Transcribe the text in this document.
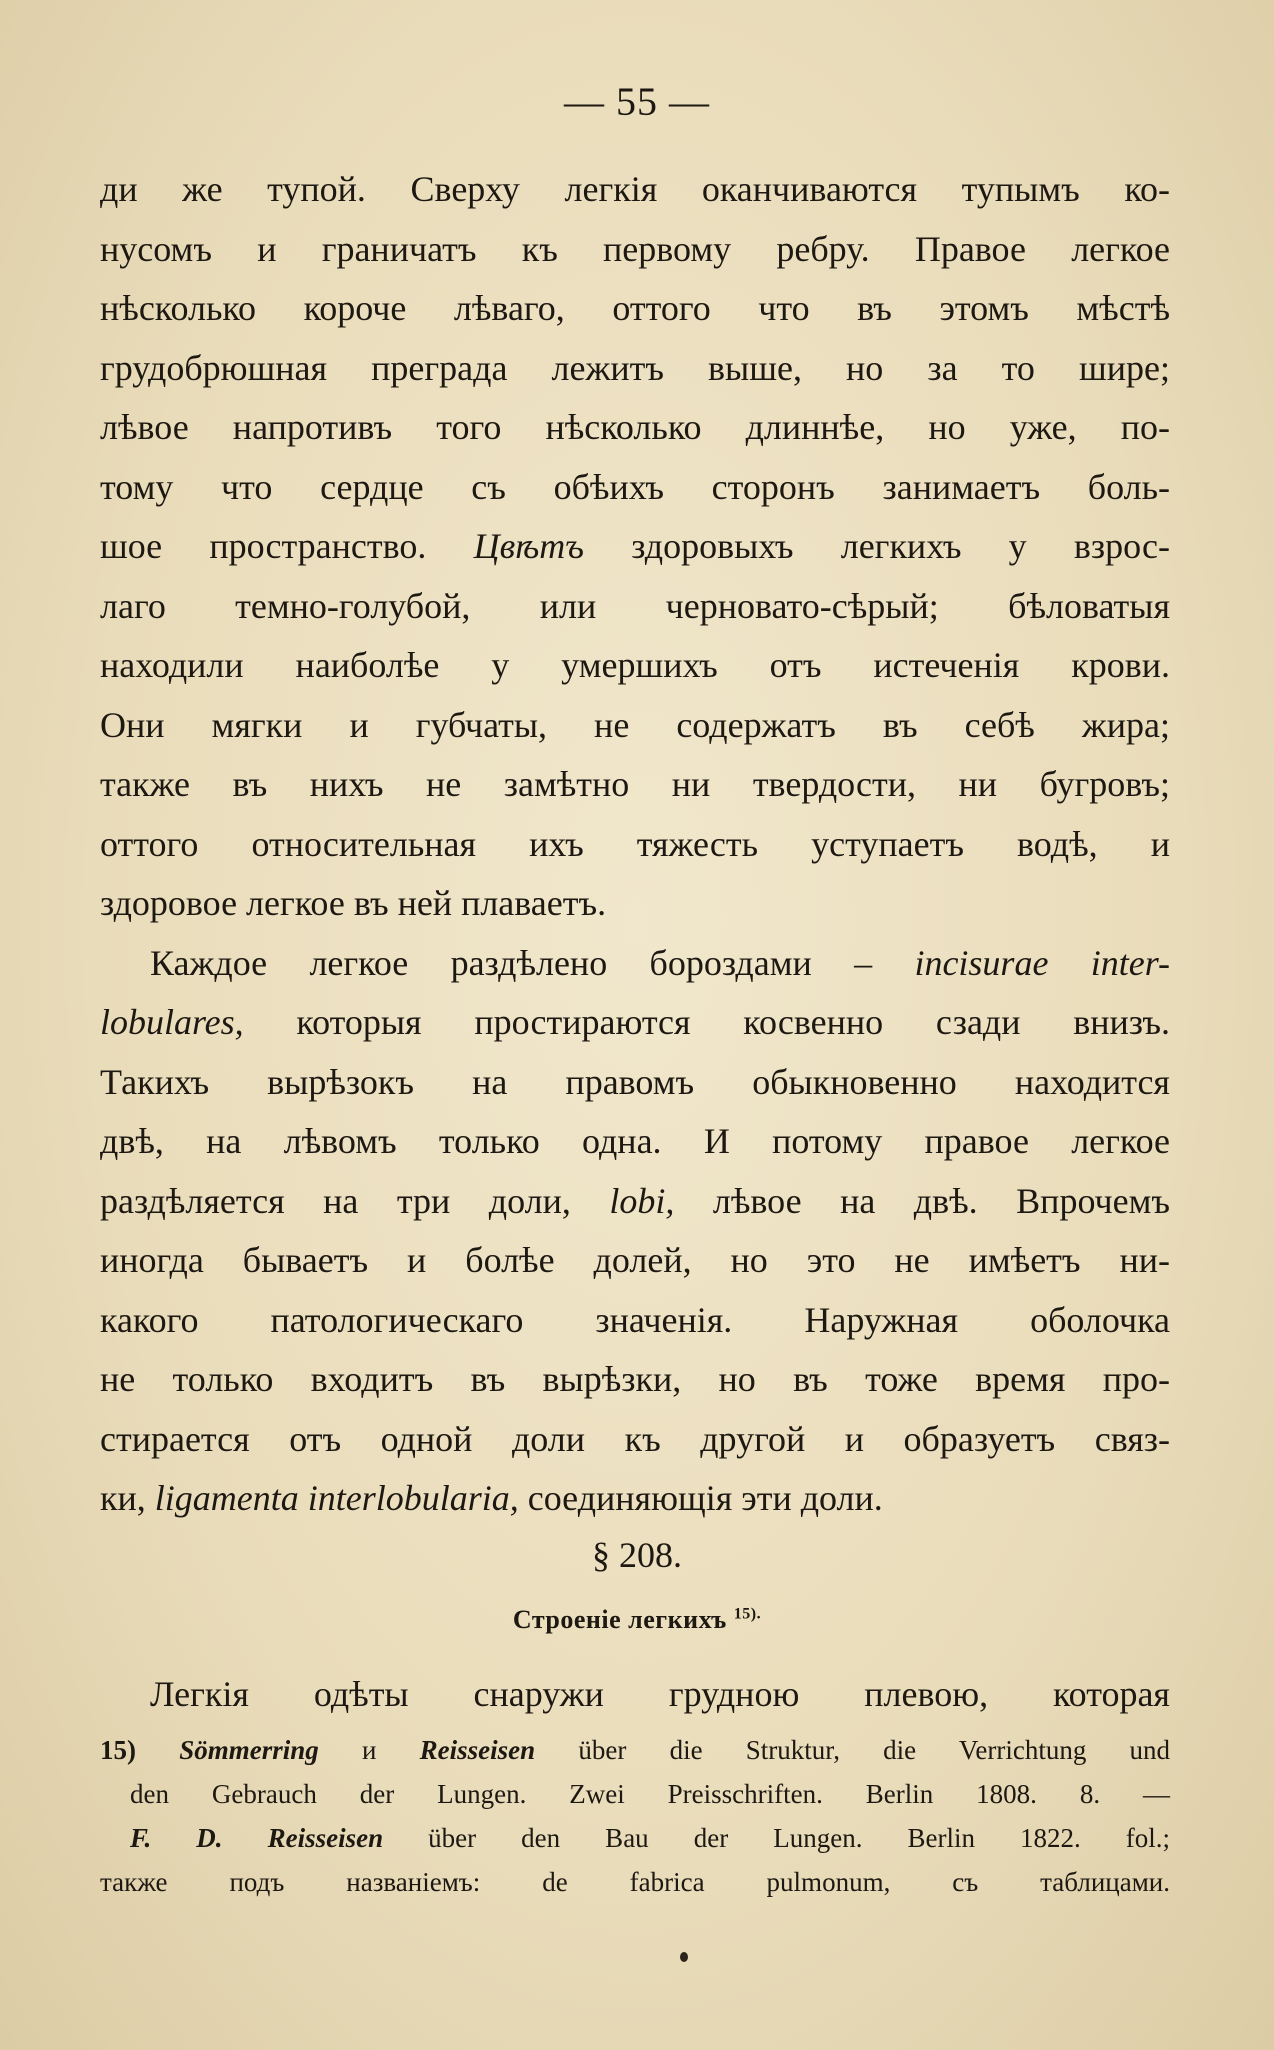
— 55 —
ди же тупой. Сверху легкія оканчиваются тупымъ ко-
нусомъ и граничатъ къ первому ребру. Правое легкое
нѣсколько короче лѣваго, оттого что въ этомъ мѣстѣ
грудобрюшная преграда лежитъ выше, но за то шире;
лѣвое напротивъ того нѣсколько длиннѣе, но уже, по-
тому что сердце съ обѣихъ сторонъ занимаетъ боль-
шое пространство. Цвѣтъ здоровыхъ легкихъ у взрос-
лаго темно-голубой, или черновато-сѣрый; бѣловатыя
находили наиболѣе у умершихъ отъ истеченія крови.
Они мягки и губчаты, не содержатъ въ себѣ жира;
также въ нихъ не замѣтно ни твердости, ни бугровъ;
оттого относительная ихъ тяжесть уступаетъ водѣ, и
здоровое легкое въ ней плаваетъ.
Каждое легкое раздѣлено бороздами – incisurae inter-
lobulares, которыя простираются косвенно сзади внизъ.
Такихъ вырѣзокъ на правомъ обыкновенно находится
двѣ, на лѣвомъ только одна. И потому правое легкое
раздѣляется на три доли, lobi, лѣвое на двѣ. Впрочемъ
иногда бываетъ и болѣе долей, но это не имѣетъ ни-
какого патологическаго значенія. Наружная оболочка
не только входитъ въ вырѣзки, но въ тоже время про-
стирается отъ одной доли къ другой и образуетъ связ-
ки, ligamenta interlobularia, соединяющія эти доли.
§ 208.
Строеніе легкихъ $^{15).}$
Легкія одѣты снаружи грудною плевою, которая
15) Sömmerring и Reisseisen über die Struktur, die Verrichtung und
den Gebrauch der Lungen. Zwei Preisschriften. Berlin 1808. 8. —
F. D. Reisseisen über den Bau der Lungen. Berlin 1822. fol.;
также подъ названіемъ: de fabrica pulmonum, съ таблицами.
